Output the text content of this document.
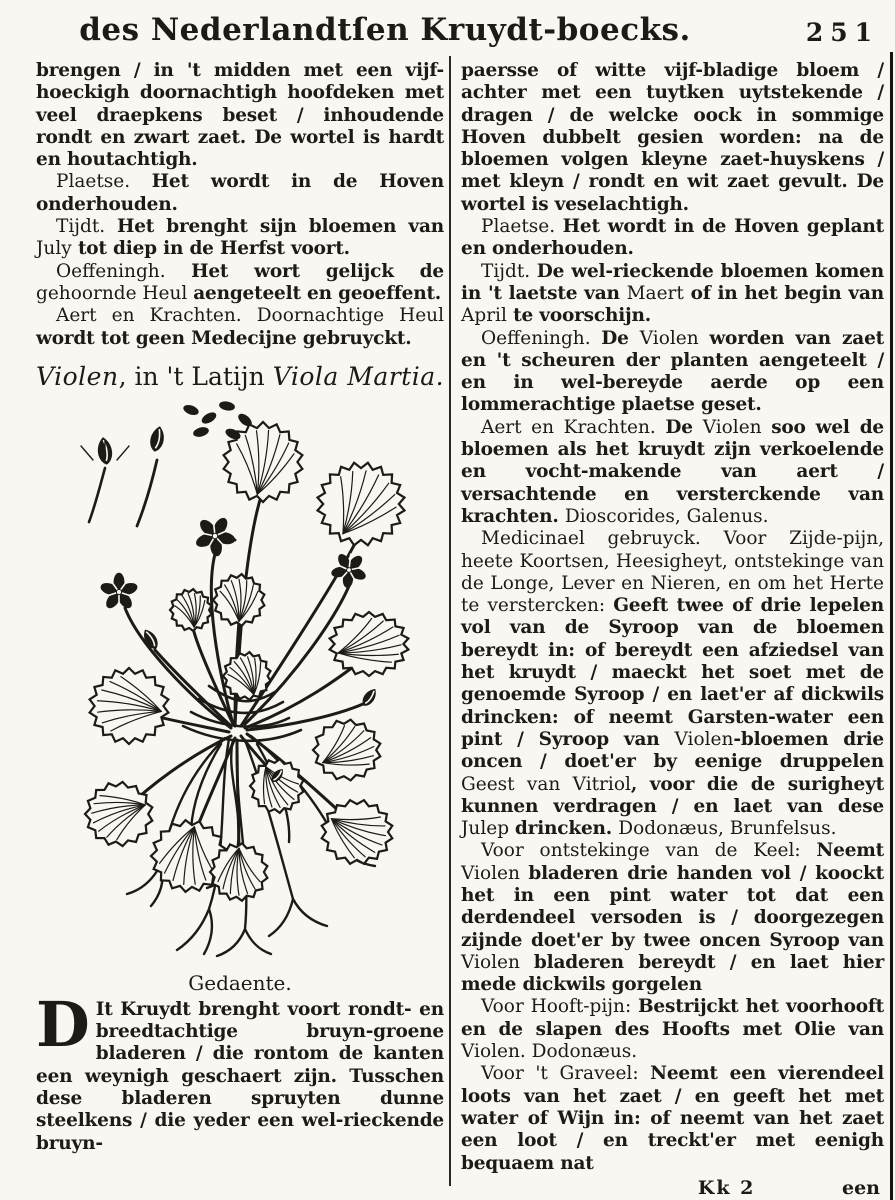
des Nederlandtſen Kruydt-boecks.	251

brengen / in 't midden met een vijf-hoeckigh doornachtigh hoofdeken met veel draepkens beset / inhoudende rondt en zwart zaet. De wortel is hardt en houtachtigh.

Plaetse. Het wordt in de Hoven onderhouden.

Tijdt. Het brenght sijn bloemen van July tot diep in de Herfst voort.

Oeffeningh. Het wort gelijck de gehoornde Heul aengeteelt en geoeffent.

Aert en Krachten. Doornachtige Heul wordt tot geen Medecijne gebruyckt.

Violen, in 't Latijn Viola Martia.

Gedaente.

D It Kruydt brenght voort rondt- en breedtachtige bruyn-groene bladeren / die rontom de kanten een weynigh geschaert zijn. Tusschen dese bladeren spruyten dunne steelkens / die yeder een wel-rieckende bruyn-

paersse of witte vijf-bladige bloem / achter met een tuytken uytstekende / dragen / de welcke oock in sommige Hoven dubbelt gesien worden: na de bloemen volgen kleyne zaet-huyskens / met kleyn / rondt en wit zaet gevult. De wortel is veselachtigh.

Plaetse. Het wordt in de Hoven geplant en onderhouden.

Tijdt. De wel-rieckende bloemen komen in 't laetste van Maert of in het begin van April te voorschijn.

Oeffeningh. De Violen worden van zaet en 't scheuren der planten aengeteelt / en in wel-bereyde aerde op een lommerachtige plaetse geset.

Aert en Krachten. De Violen soo wel de bloemen als het kruydt zijn verkoelende en vocht-makende van aert / versachtende en versterckende van krachten. Dioscorides, Galenus.

Medicinael gebruyck. Voor Zijde-pijn, heete Koortsen, Heesigheyt, ontstekinge van de Longe, Lever en Nieren, en om het Herte te verstercken: Geeft twee of drie lepelen vol van de Syroop van de bloemen bereydt in: of bereydt een afziedsel van het kruydt / maeckt het soet met de genoemde Syroop / en laet'er af dickwils drincken: of neemt Garsten-water een pint / Syroop van Violen-bloemen drie oncen / doet'er by eenige druppelen Geest van Vitriol, voor die de surigheyt kunnen verdragen / en laet van dese Julep drincken. Dodonæus, Brunfelsus.

Voor ontstekinge van de Keel: Neemt Violen bladeren drie handen vol / koockt het in een pint water tot dat een derdendeel versoden is / doorgezegen zijnde doet'er by twee oncen Syroop van Violen bladeren bereydt / en laet hier mede dickwils gorgelen

Voor Hooft-pijn: Bestrijckt het voorhooft en de slapen des Hoofts met Olie van Violen. Dodonæus.

Voor 't Graveel: Neemt een vierendeel loots van het zaet / en geeft het met water of Wijn in: of neemt van het zaet een loot / en treckt'er met eenigh bequaem nat

Kk 2	een
